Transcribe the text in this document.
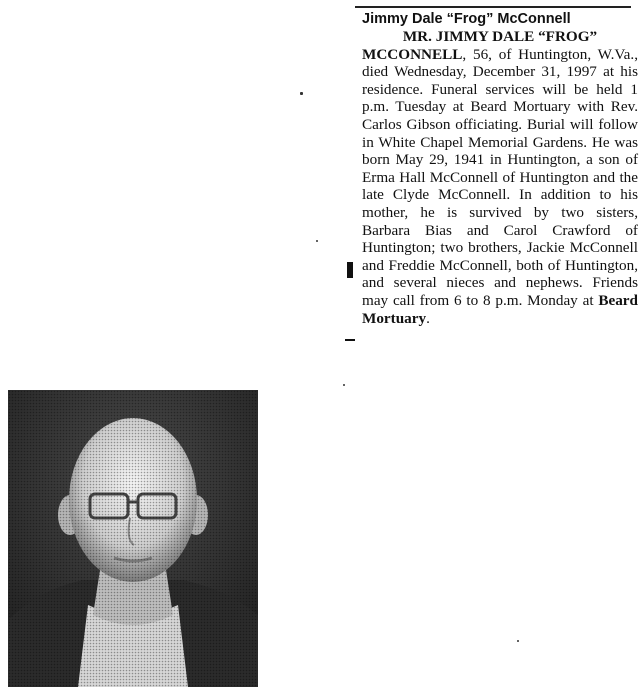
Jimmy Dale “Frog” McConnell

MR. JIMMY DALE “FROG”
MCCONNELL, 56, of Huntington, W.Va., died Wednesday, December 31, 1997 at his residence. Funeral services will be held 1 p.m. Tuesday at Beard Mortuary with Rev. Carlos Gibson officiating. Burial will follow in White Chapel Memorial Gardens. He was born May 29, 1941 in Huntington, a son of Erma Hall McConnell of Huntington and the late Clyde McConnell. In addition to his mother, he is survived by two sisters, Barbara Bias and Carol Crawford of Huntington; two brothers, Jackie McConnell and Freddie McConnell, both of Huntington, and several nieces and nephews. Friends may call from 6 to 8 p.m. Monday at Beard Mortuary.
